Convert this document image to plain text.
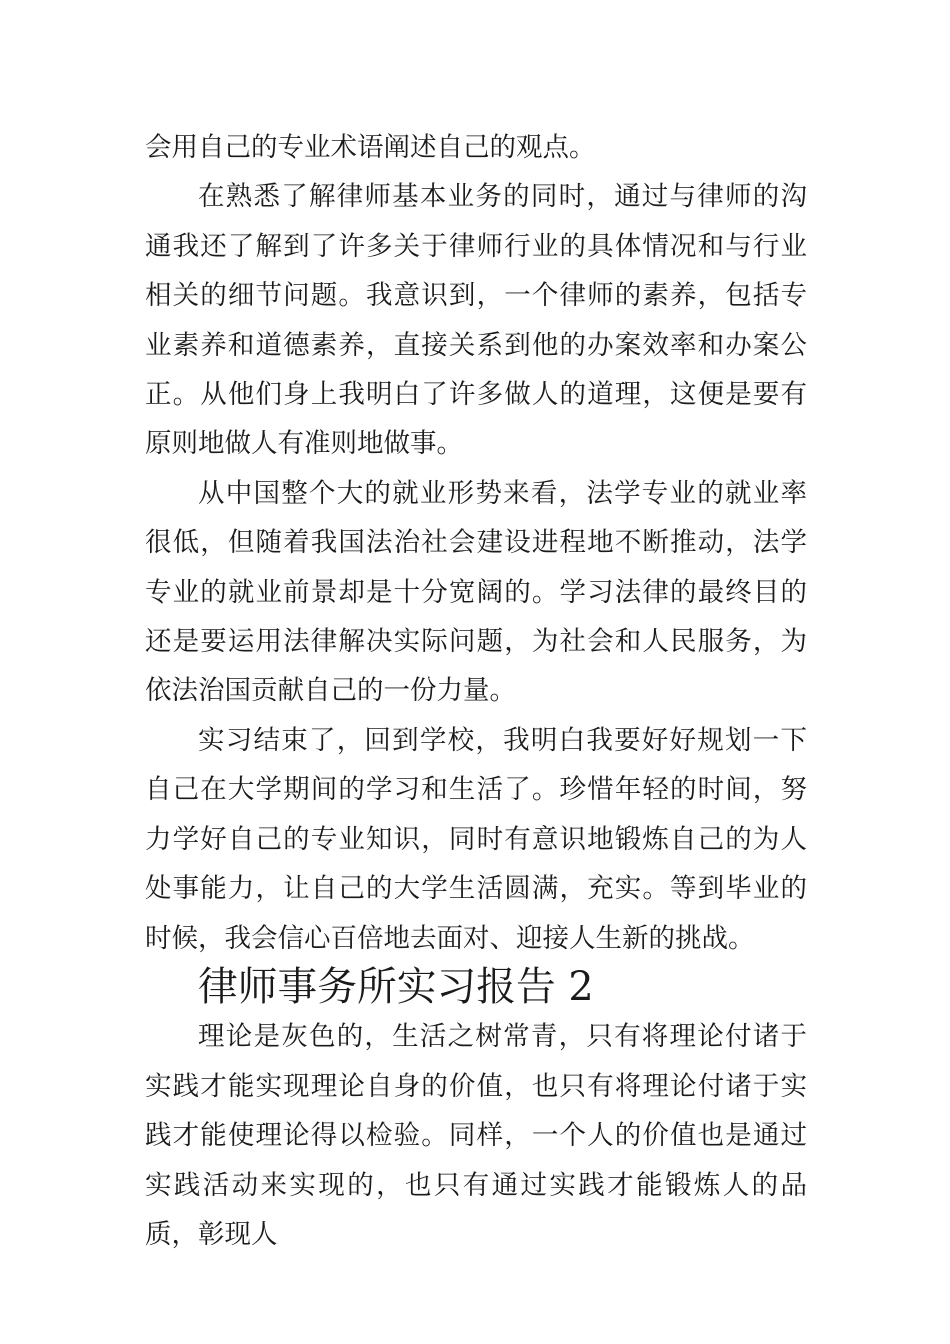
会用自己的专业术语阐述自己的观点。

在熟悉了解律师基本业务的同时，通过与律师的沟通我还了解到了许多关于律师行业的具体情况和与行业相关的细节问题。我意识到，一个律师的素养，包括专业素养和道德素养，直接关系到他的办案效率和办案公正。从他们身上我明白了许多做人的道理，这便是要有原则地做人有准则地做事。

从中国整个大的就业形势来看，法学专业的就业率很低，但随着我国法治社会建设进程地不断推动，法学专业的就业前景却是十分宽阔的。学习法律的最终目的还是要运用法律解决实际问题，为社会和人民服务，为依法治国贡献自己的一份力量。

实习结束了，回到学校，我明白我要好好规划一下自己在大学期间的学习和生活了。珍惜年轻的时间，努力学好自己的专业知识，同时有意识地锻炼自己的为人处事能力，让自己的大学生活圆满，充实。等到毕业的时候，我会信心百倍地去面对、迎接人生新的挑战。

律师事务所实习报告 2

理论是灰色的，生活之树常青，只有将理论付诸于实践才能实现理论自身的价值，也只有将理论付诸于实践才能使理论得以检验。同样，一个人的价值也是通过实践活动来实现的，也只有通过实践才能锻炼人的品质，彰现人
